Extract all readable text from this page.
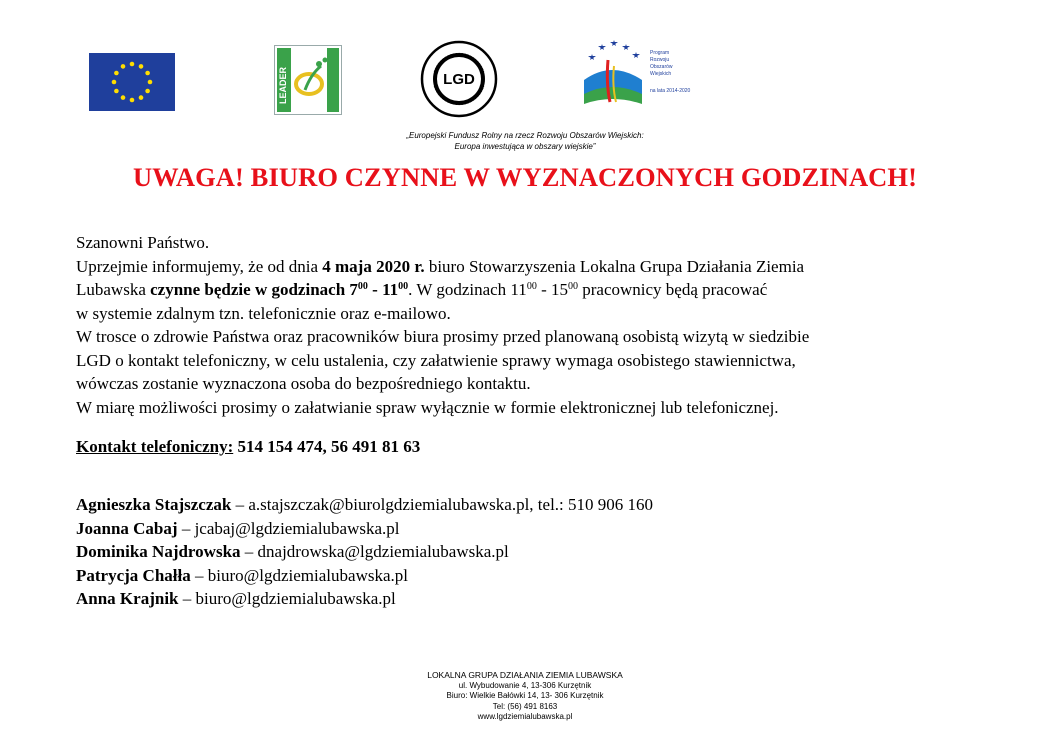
LEADER	LGD
Program
Rozwoju
Obszarów
Wiejskich
na lata 2014-2020
„Europejski Fundusz Rolny na rzecz Rozwoju Obszarów Wiejskich:
Europa inwestująca w obszary wiejskie”
UWAGA! BIURO CZYNNE W WYZNACZONYCH GODZINACH!

Szanowni Państwo.

Uprzejmie informujemy, że od dnia 4 maja 2020 r. biuro Stowarzyszenia Lokalna Grupa Działania Ziemia

Lubawska czynne będzie w godzinach $7^{00} - 11^{00}$. W godzinach $11^{00} - 15^{00}$ pracownicy będą pracować

w systemie zdalnym tzn. telefonicznie oraz e-mailowo.

W trosce o zdrowie Państwa oraz pracowników biura prosimy przed planowaną osobistą wizytą w siedzibie

LGD o kontakt telefoniczny, w celu ustalenia, czy załatwienie sprawy wymaga osobistego stawiennictwa,

wówczas zostanie wyznaczona osoba do bezpośredniego kontaktu.

W miarę możliwości prosimy o załatwianie spraw wyłącznie w formie elektronicznej lub telefonicznej.

Kontakt telefoniczny: 514 154 474, 56 491 81 63
Agnieszka Stajszczak – a.stajszczak@biurolgdziemialubawska.pl, tel.: 510 906 160
Joanna Cabaj – jcabaj@lgdziemialubawska.pl
Dominika Najdrowska – dnajdrowska@lgdziemialubawska.pl
Patrycja Chałła – biuro@lgdziemialubawska.pl
Anna Krajnik – biuro@lgdziemialubawska.pl
LOKALNA GRUPA DZIAŁANIA ZIEMIA LUBAWSKA
ul. Wybudowanie 4, 13-306 Kurzętnik
Biuro: Wielkie Bałówki 14, 13- 306 Kurzętnik
Tel: (56) 491 8163
www.lgdziemialubawska.pl
